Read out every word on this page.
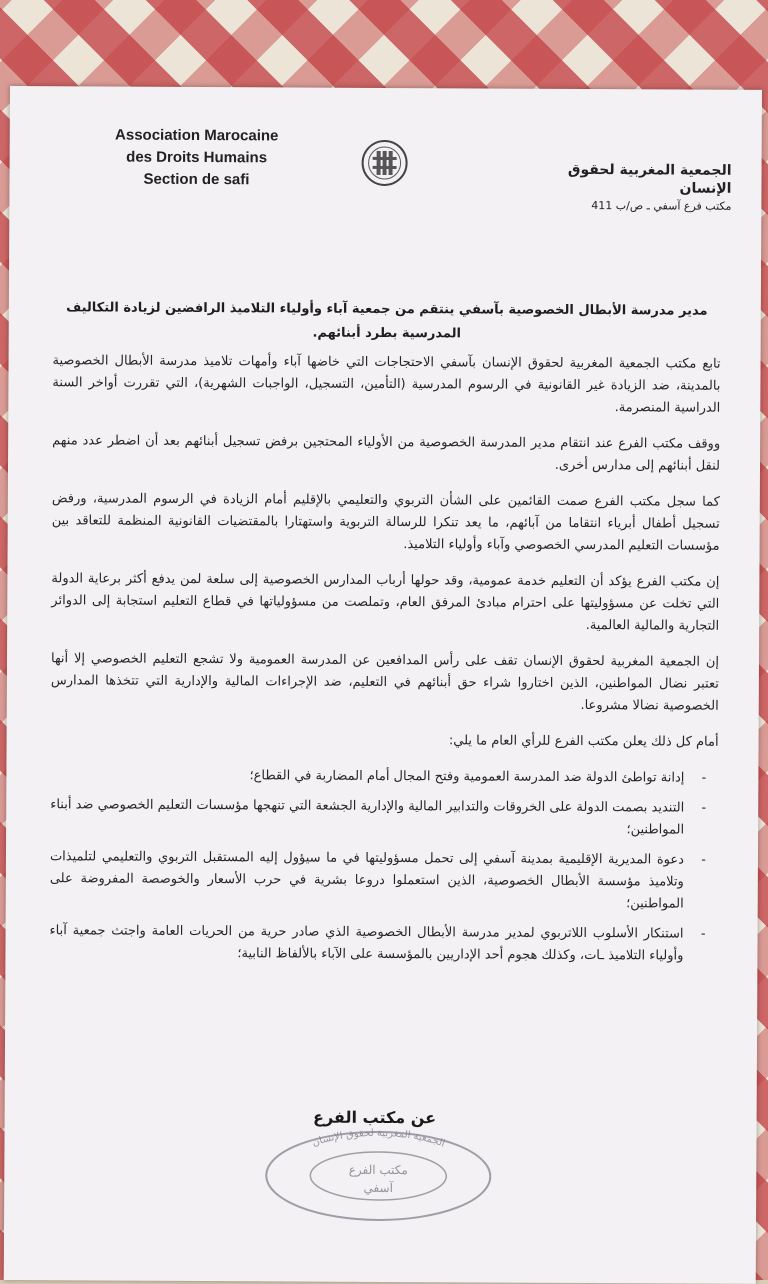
Association Marocaine
des Droits Humains
Section de safi
الجمعية المغربية لحقوق
الإنسان
مكتب فرع آسفي ـ ص/ب 411
مدير مدرسة الأبطال الخصوصية بآسفي ينتقم من جمعية آباء وأولياء التلاميذ الرافضين لزيادة التكاليف المدرسية بطرد أبنائهم.

تابع مكتب الجمعية المغربية لحقوق الإنسان بآسفي الاحتجاجات التي خاضها آباء وأمهات تلاميذ مدرسة الأبطال الخصوصية بالمدينة، ضد الزيادة غير القانونية في الرسوم المدرسية (التأمين، التسجيل، الواجبات الشهرية)، التي تقررت أواخر السنة الدراسية المنصرمة.

ووقف مكتب الفرع عند انتقام مدير المدرسة الخصوصية من الأولياء المحتجين برفض تسجيل أبنائهم بعد أن اضطر عدد منهم لنقل أبنائهم إلى مدارس أخرى.

كما سجل مكتب الفرع صمت القائمين على الشأن التربوي والتعليمي بالإقليم أمام الزيادة في الرسوم المدرسية، ورفض تسجيل أطفال أبرياء انتقاما من آبائهم، ما يعد تنكرا للرسالة التربوية واستهتارا بالمقتضيات القانونية المنظمة للتعاقد بين مؤسسات التعليم المدرسي الخصوصي وآباء وأولياء التلاميذ.

إن مكتب الفرع يؤكد أن التعليم خدمة عمومية، وقد حولها أرباب المدارس الخصوصية إلى سلعة لمن يدفع أكثر برعاية الدولة التي تخلت عن مسؤوليتها على احترام مبادئ المرفق العام، وتملصت من مسؤولياتها في قطاع التعليم استجابة إلى الدوائر التجارية والمالية العالمية.

إن الجمعية المغربية لحقوق الإنسان تقف على رأس المدافعين عن المدرسة العمومية ولا تشجع التعليم الخصوصي إلا أنها تعتبر نضال المواطنين، الذين اختاروا شراء حق أبنائهم في التعليم، ضد الإجراءات المالية والإدارية التي تتخذها المدارس الخصوصية نضالا مشروعا.

أمام كل ذلك يعلن مكتب الفرع للرأي العام ما يلي:

- إدانة تواطئ الدولة ضد المدرسة العمومية وفتح المجال أمام المضاربة في القطاع؛
- التنديد بصمت الدولة على الخروقات والتدابير المالية والإدارية الجشعة التي تنهجها مؤسسات التعليم الخصوصي ضد أبناء المواطنين؛
- دعوة المديرية الإقليمية بمدينة آسفي إلى تحمل مسؤوليتها في ما سيؤول إليه المستقبل التربوي والتعليمي لتلميذات وتلاميذ مؤسسة الأبطال الخصوصية، الذين استعملوا دروعا بشرية في حرب الأسعار والخوصصة المفروضة على المواطنين؛
- استنكار الأسلوب اللاتربوي لمدير مدرسة الأبطال الخصوصية الذي صادر حرية من الحريات العامة واجتث جمعية آباء وأولياء التلاميذ ـات، وكذلك هجوم أحد الإداريين بالمؤسسة على الآباء بالألفاظ النابية؛
عن مكتب الفرع
الجمعية المغربية لحقوق الإنسان
مكتب الفرع
آسفي
